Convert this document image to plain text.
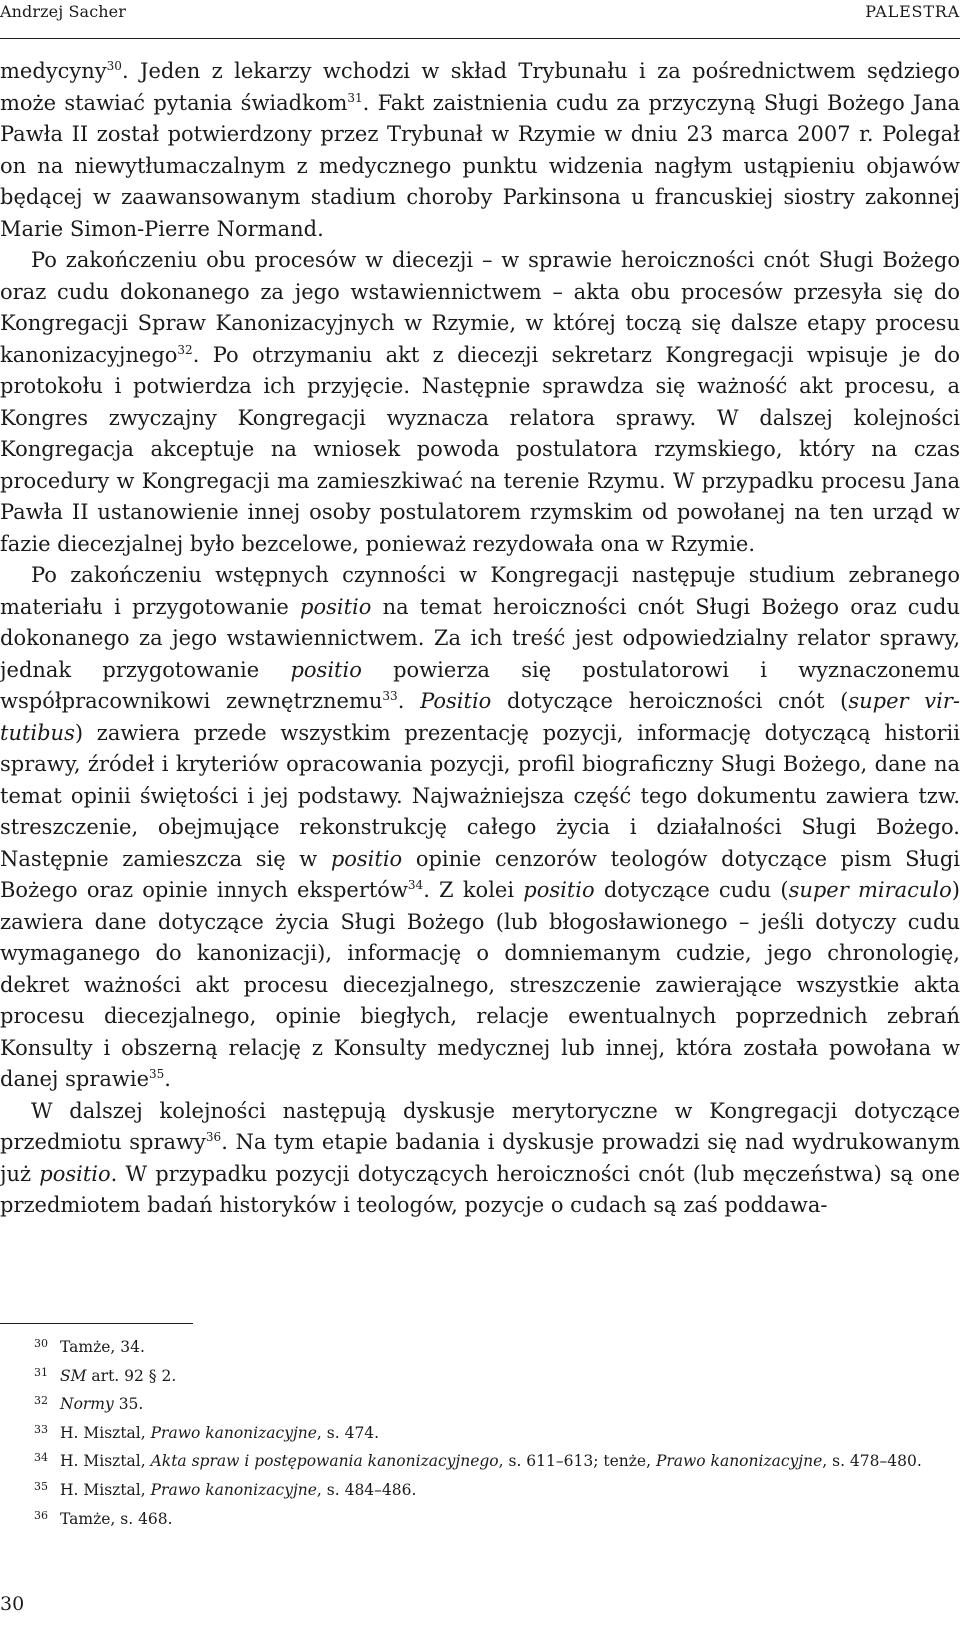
Andrzej Sacher	PALESTRA

medycyny$^{30}$. Jeden z lekarzy wchodzi w skład Trybunału i za pośrednictwem sędziego może stawiać pytania świadkom$^{31}$. Fakt zaistnienia cudu za przyczyną Sługi Bożego Jana Pawła II został potwierdzony przez Trybunał w Rzymie w dniu 23 marca 2007 r. Polegał on na niewytłumaczalnym z medycznego punktu widzenia nagłym ustąpieniu objawów będącej w zaawansowanym stadium choroby Parkinsona u francuskiej siostry zakonnej Marie Simon-Pierre Normand.

Po zakończeniu obu procesów w diecezji – w sprawie heroiczności cnót Sługi Bożego oraz cudu dokonanego za jego wstawiennictwem – akta obu procesów przesyła się do Kongregacji Spraw Kanonizacyjnych w Rzymie, w której toczą się dalsze etapy procesu kanonizacyjnego$^{32}$. Po otrzymaniu akt z diecezji sekretarz Kongregacji wpisuje je do protokołu i potwierdza ich przyjęcie. Następnie sprawdza się ważność akt procesu, a Kongres zwyczajny Kongregacji wyznacza relatora sprawy. W dalszej kolejności Kongregacja akceptuje na wniosek powoda postulatora rzymskiego, który na czas procedury w Kongregacji ma zamieszkiwać na terenie Rzymu. W przypadku procesu Jana Pawła II ustanowienie innej osoby postulatorem rzymskim od powołanej na ten urząd w fazie diecezjalnej było bezcelowe, ponieważ rezydowała ona w Rzymie.

Po zakończeniu wstępnych czynności w Kongregacji następuje studium zebranego materiału i przygotowanie positio na temat heroiczności cnót Sługi Bożego oraz cudu dokonanego za jego wstawiennictwem. Za ich treść jest odpowiedzialny relator sprawy, jednak przygotowanie positio powierza się postulatorowi i wyznaczonemu współpracownikowi zewnętrznemu$^{33}$. Positio dotyczące heroiczności cnót (super virtutibus) zawiera przede wszystkim prezentację pozycji, informację dotyczącą historii sprawy, źródeł i kryteriów opracowania pozycji, profil biograficzny Sługi Bożego, dane na temat opinii świętości i jej podstawy. Najważniejsza część tego dokumentu zawiera tzw. streszczenie, obejmujące rekonstrukcję całego życia i działalności Sługi Bożego. Następnie zamieszcza się w positio opinie cenzorów teologów dotyczące pism Sługi Bożego oraz opinie innych ekspertów$^{34}$. Z kolei positio dotyczące cudu (super miraculo) zawiera dane dotyczące życia Sługi Bożego (lub błogosławionego – jeśli dotyczy cudu wymaganego do kanonizacji), informację o domniemanym cudzie, jego chronologię, dekret ważności akt procesu diecezjalnego, streszczenie zawierające wszystkie akta procesu diecezjalnego, opinie biegłych, relacje ewentualnych poprzednich zebrań Konsulty i obszerną relację z Konsulty medycznej lub innej, która została powołana w danej sprawie$^{35}$.

W dalszej kolejności następują dyskusje merytoryczne w Kongregacji dotyczące przedmiotu sprawy$^{36}$. Na tym etapie badania i dyskusje prowadzi się nad wydrukowanym już positio. W przypadku pozycji dotyczących heroiczności cnót (lub męczeństwa) są one przedmiotem badań historyków i teologów, pozycje o cudach są zaś poddawa-

30 Tamże, 34.
31 SM art. 92 § 2.
32 Normy 35.
33 H. Misztal, Prawo kanonizacyjne, s. 474.
34 H. Misztal, Akta spraw i postępowania kanonizacyjnego, s. 611–613; tenże, Prawo kanonizacyjne, s. 478–480.
35 H. Misztal, Prawo kanonizacyjne, s. 484–486.
36 Tamże, s. 468.
30
